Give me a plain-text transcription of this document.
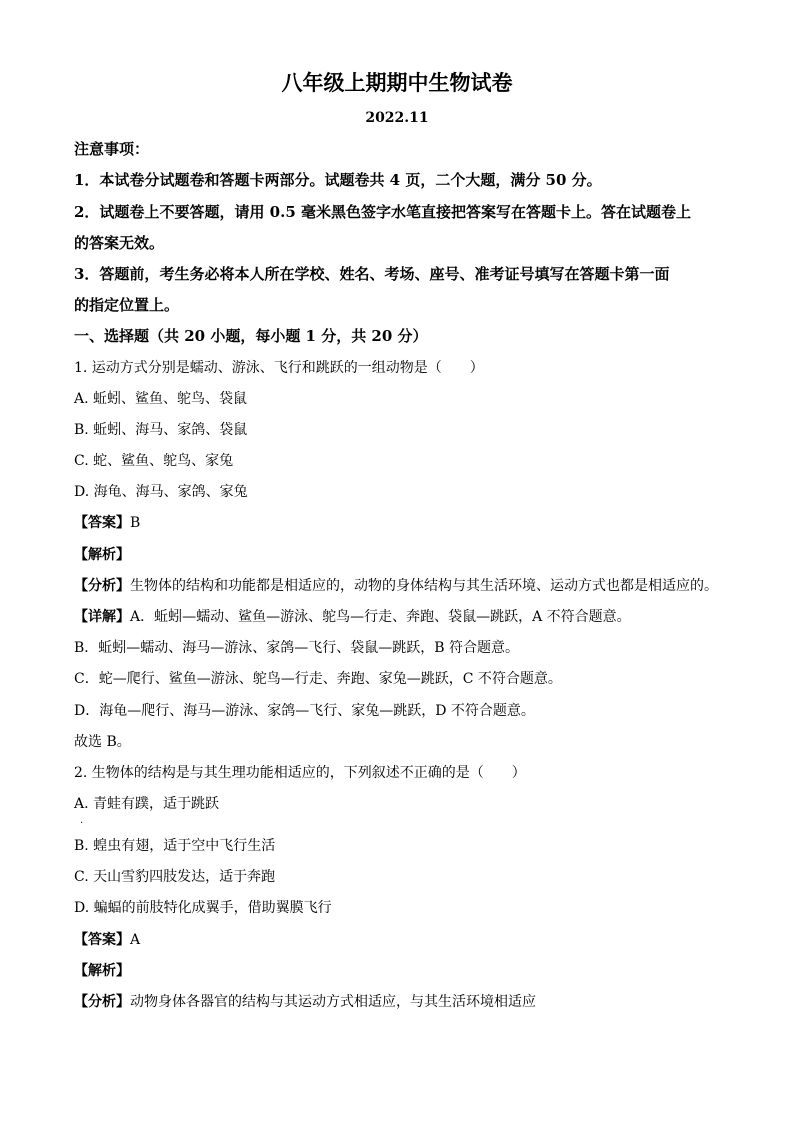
八年级上期期中生物试卷
2022.11
注意事项：
1．本试卷分试题卷和答题卡两部分。试题卷共 4 页，二个大题，满分 50 分。
2．试题卷上不要答题，请用 0.5 毫米黑色签字水笔直接把答案写在答题卡上。答在试题卷上
的答案无效。
3．答题前，考生务必将本人所在学校、姓名、考场、座号、准考证号填写在答题卡第一面
的指定位置上。
一、选择题（共 20 小题，每小题 1 分，共 20 分）
1. 运动方式分别是蠕动、游泳、飞行和跳跃的一组动物是（　　）
A. 蚯蚓、鲨鱼、鸵鸟、袋鼠
B. 蚯蚓、海马、家鸽、袋鼠
C. 蛇、鲨鱼、鸵鸟、家兔
D. 海龟、海马、家鸽、家兔
【答案】B
【解析】
【分析】生物体的结构和功能都是相适应的，动物的身体结构与其生活环境、运动方式也都是相适应的。
【详解】A．蚯蚓—蠕动、鲨鱼—游泳、鸵鸟—行走、奔跑、袋鼠—跳跃，A 不符合题意。
B．蚯蚓—蠕动、海马—游泳、家鸽—飞行、袋鼠—跳跃，B 符合题意。
C．蛇—爬行、鲨鱼—游泳、鸵鸟—行走、奔跑、家兔—跳跃，C 不符合题意。
D．海龟—爬行、海马—游泳、家鸽—飞行、家兔—跳跃，D 不符合题意。
故选 B。
2. 生物体的结构是与其生理功能相适应的，下列叙述不正确的是（　　）
A. 青蛙有蹼，适于跳跃
.
B. 蝗虫有翅，适于空中飞行生活
C. 天山雪豹四肢发达，适于奔跑
D. 蝙蝠的前肢特化成翼手，借助翼膜飞行
【答案】A
【解析】
【分析】动物身体各器官的结构与其运动方式相适应，与其生活环境相适应
